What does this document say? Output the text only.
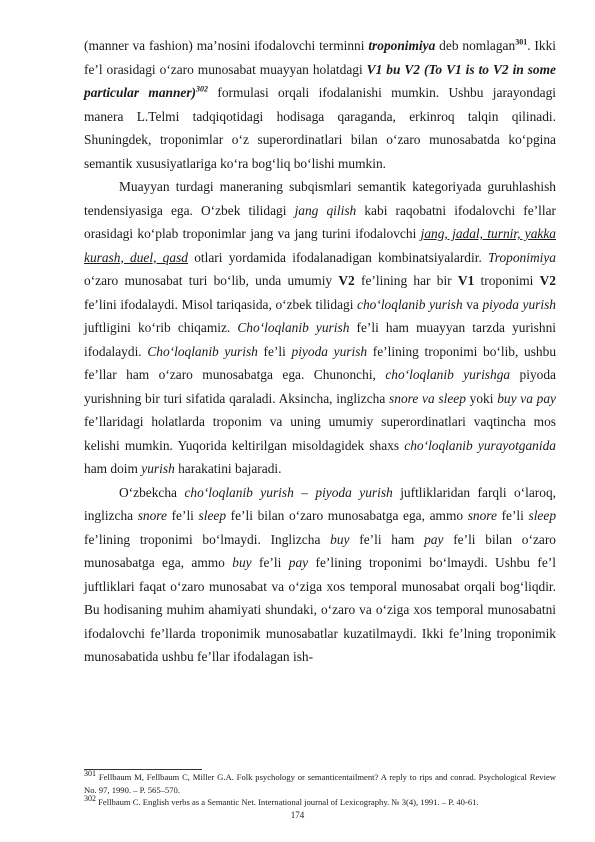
(manner va fashion) ma’nosini ifodalovchi terminni troponimiya deb nomlagan$^{301}$. Ikki fe’l orasidagi o‘zaro munosabat muayyan holatdagi V1 bu V2 (To V1 is to V2 in some particular manner)$^{302}$ formulasi orqali ifodalanishi mumkin. Ushbu jarayondagi manera L.Telmi tadqiqotidagi hodisaga qaraganda, erkinroq talqin qilinadi. Shuningdek, troponimlar o‘z superordinatlari bilan o‘zaro munosabatda ko‘pgina semantik xususiyatlariga ko‘ra bog‘liq bo‘lishi mumkin.

Muayyan turdagi maneraning subqismlari semantik kategoriyada guruhlashish tendensiyasiga ega. O‘zbek tilidagi jang qilish kabi raqobatni ifodalovchi fe’llar orasidagi ko‘plab troponimlar jang va jang turini ifodalovchi jang, jadal, turnir, yakka kurash, duel, qasd otlari yordamida ifodalanadigan kombinatsiyalardir. Troponimiya o‘zaro munosabat turi bo‘lib, unda umumiy V2 fe’lining har bir V1 troponimi V2 fe’lini ifodalaydi. Misol tariqasida, o‘zbek tilidagi cho‘loqlanib yurish va piyoda yurish juftligini ko‘rib chiqamiz. Cho‘loqlanib yurish fe’li ham muayyan tarzda yurishni ifodalaydi. Cho‘loqlanib yurish fe’li piyoda yurish fe’lining troponimi bo‘lib, ushbu fe’llar ham o‘zaro munosabatga ega. Chunonchi, cho‘loqlanib yurishga piyoda yurishning bir turi sifatida qaraladi. Aksincha, inglizcha snore va sleep yoki buy va pay fe’llaridagi holatlarda troponim va uning umumiy superordinatlari vaqtincha mos kelishi mumkin. Yuqorida keltirilgan misoldagidek shaxs cho‘loqlanib yurayotganida ham doim yurish harakatini bajaradi.

O‘zbekcha cho‘loqlanib yurish – piyoda yurish juftliklaridan farqli o‘laroq, inglizcha snore fe’li sleep fe’li bilan o‘zaro munosabatga ega, ammo snore fe’li sleep fe’lining troponimi bo‘lmaydi. Inglizcha buy fe’li ham pay fe’li bilan o‘zaro munosabatga ega, ammo buy fe’li pay fe’lining troponimi bo‘lmaydi. Ushbu fe’l juftliklari faqat o‘zaro munosabat va o‘ziga xos temporal munosabat orqali bog‘liqdir. Bu hodisaning muhim ahamiyati shundaki, o‘zaro va o‘ziga xos temporal munosabatni ifodalovchi fe’llarda troponimik munosabatlar kuzatilmaydi. Ikki fe’lning troponimik munosabatida ushbu fe’llar ifodalagan ish-

$^{301}$ Fellbaum M, Fellbaum C, Miller G.A. Folk psychology or semanticentailment? A reply to rips and conrad. Psychological Review No. 97, 1990. – P. 565–570.

$^{302}$ Fellbaum C. English verbs as a Semantic Net. International journal of Lexicography. № 3(4), 1991. – P. 40-61.

174
